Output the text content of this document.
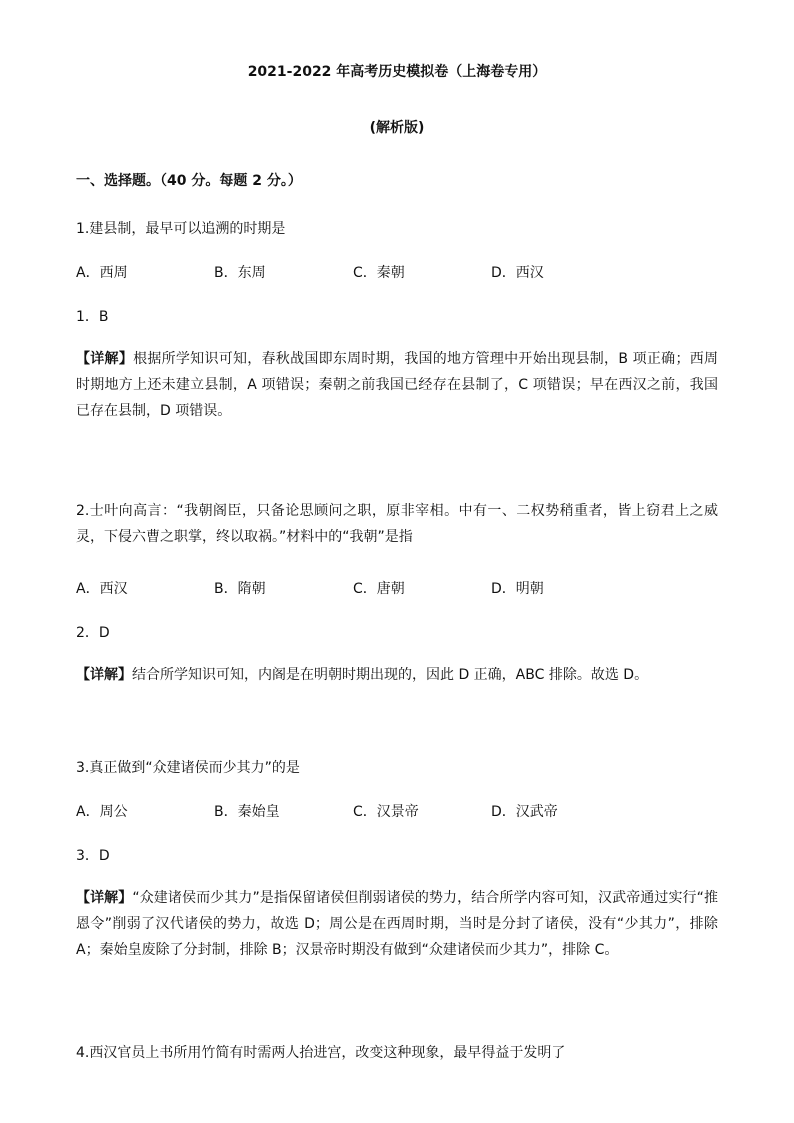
2021-2022 年高考历史模拟卷（上海卷专用）
(解析版)
一、选择题。（40 分。每题 2 分。）
1.建县制，最早可以追溯的时期是
A．西周	B．东周	C．秦朝	D．西汉
1．B
【详解】根据所学知识可知，春秋战国即东周时期，我国的地方管理中开始出现县制，B 项正确；西周时期地方上还未建立县制，A 项错误；秦朝之前我国已经存在县制了，C 项错误；早在西汉之前，我国已存在县制，D 项错误。
2.士叶向高言：“我朝阁臣，只备论思顾问之职，原非宰相。中有一、二权势稍重者，皆上窃君上之威灵，下侵六曹之职掌，终以取祸。”材料中的“我朝”是指
A．西汉	B．隋朝	C．唐朝	D．明朝
2．D
【详解】结合所学知识可知，内阁是在明朝时期出现的，因此 D 正确，ABC 排除。故选 D。
3.真正做到“众建诸侯而少其力”的是
A．周公	B．秦始皇	C．汉景帝	D．汉武帝
3．D
【详解】“众建诸侯而少其力”是指保留诸侯但削弱诸侯的势力，结合所学内容可知，汉武帝通过实行“推恩令”削弱了汉代诸侯的势力，故选 D；周公是在西周时期，当时是分封了诸侯，没有“少其力”，排除 A；秦始皇废除了分封制，排除 B；汉景帝时期没有做到“众建诸侯而少其力”，排除 C。
4.西汉官员上书所用竹简有时需两人抬进宫，改变这种现象，最早得益于发明了
